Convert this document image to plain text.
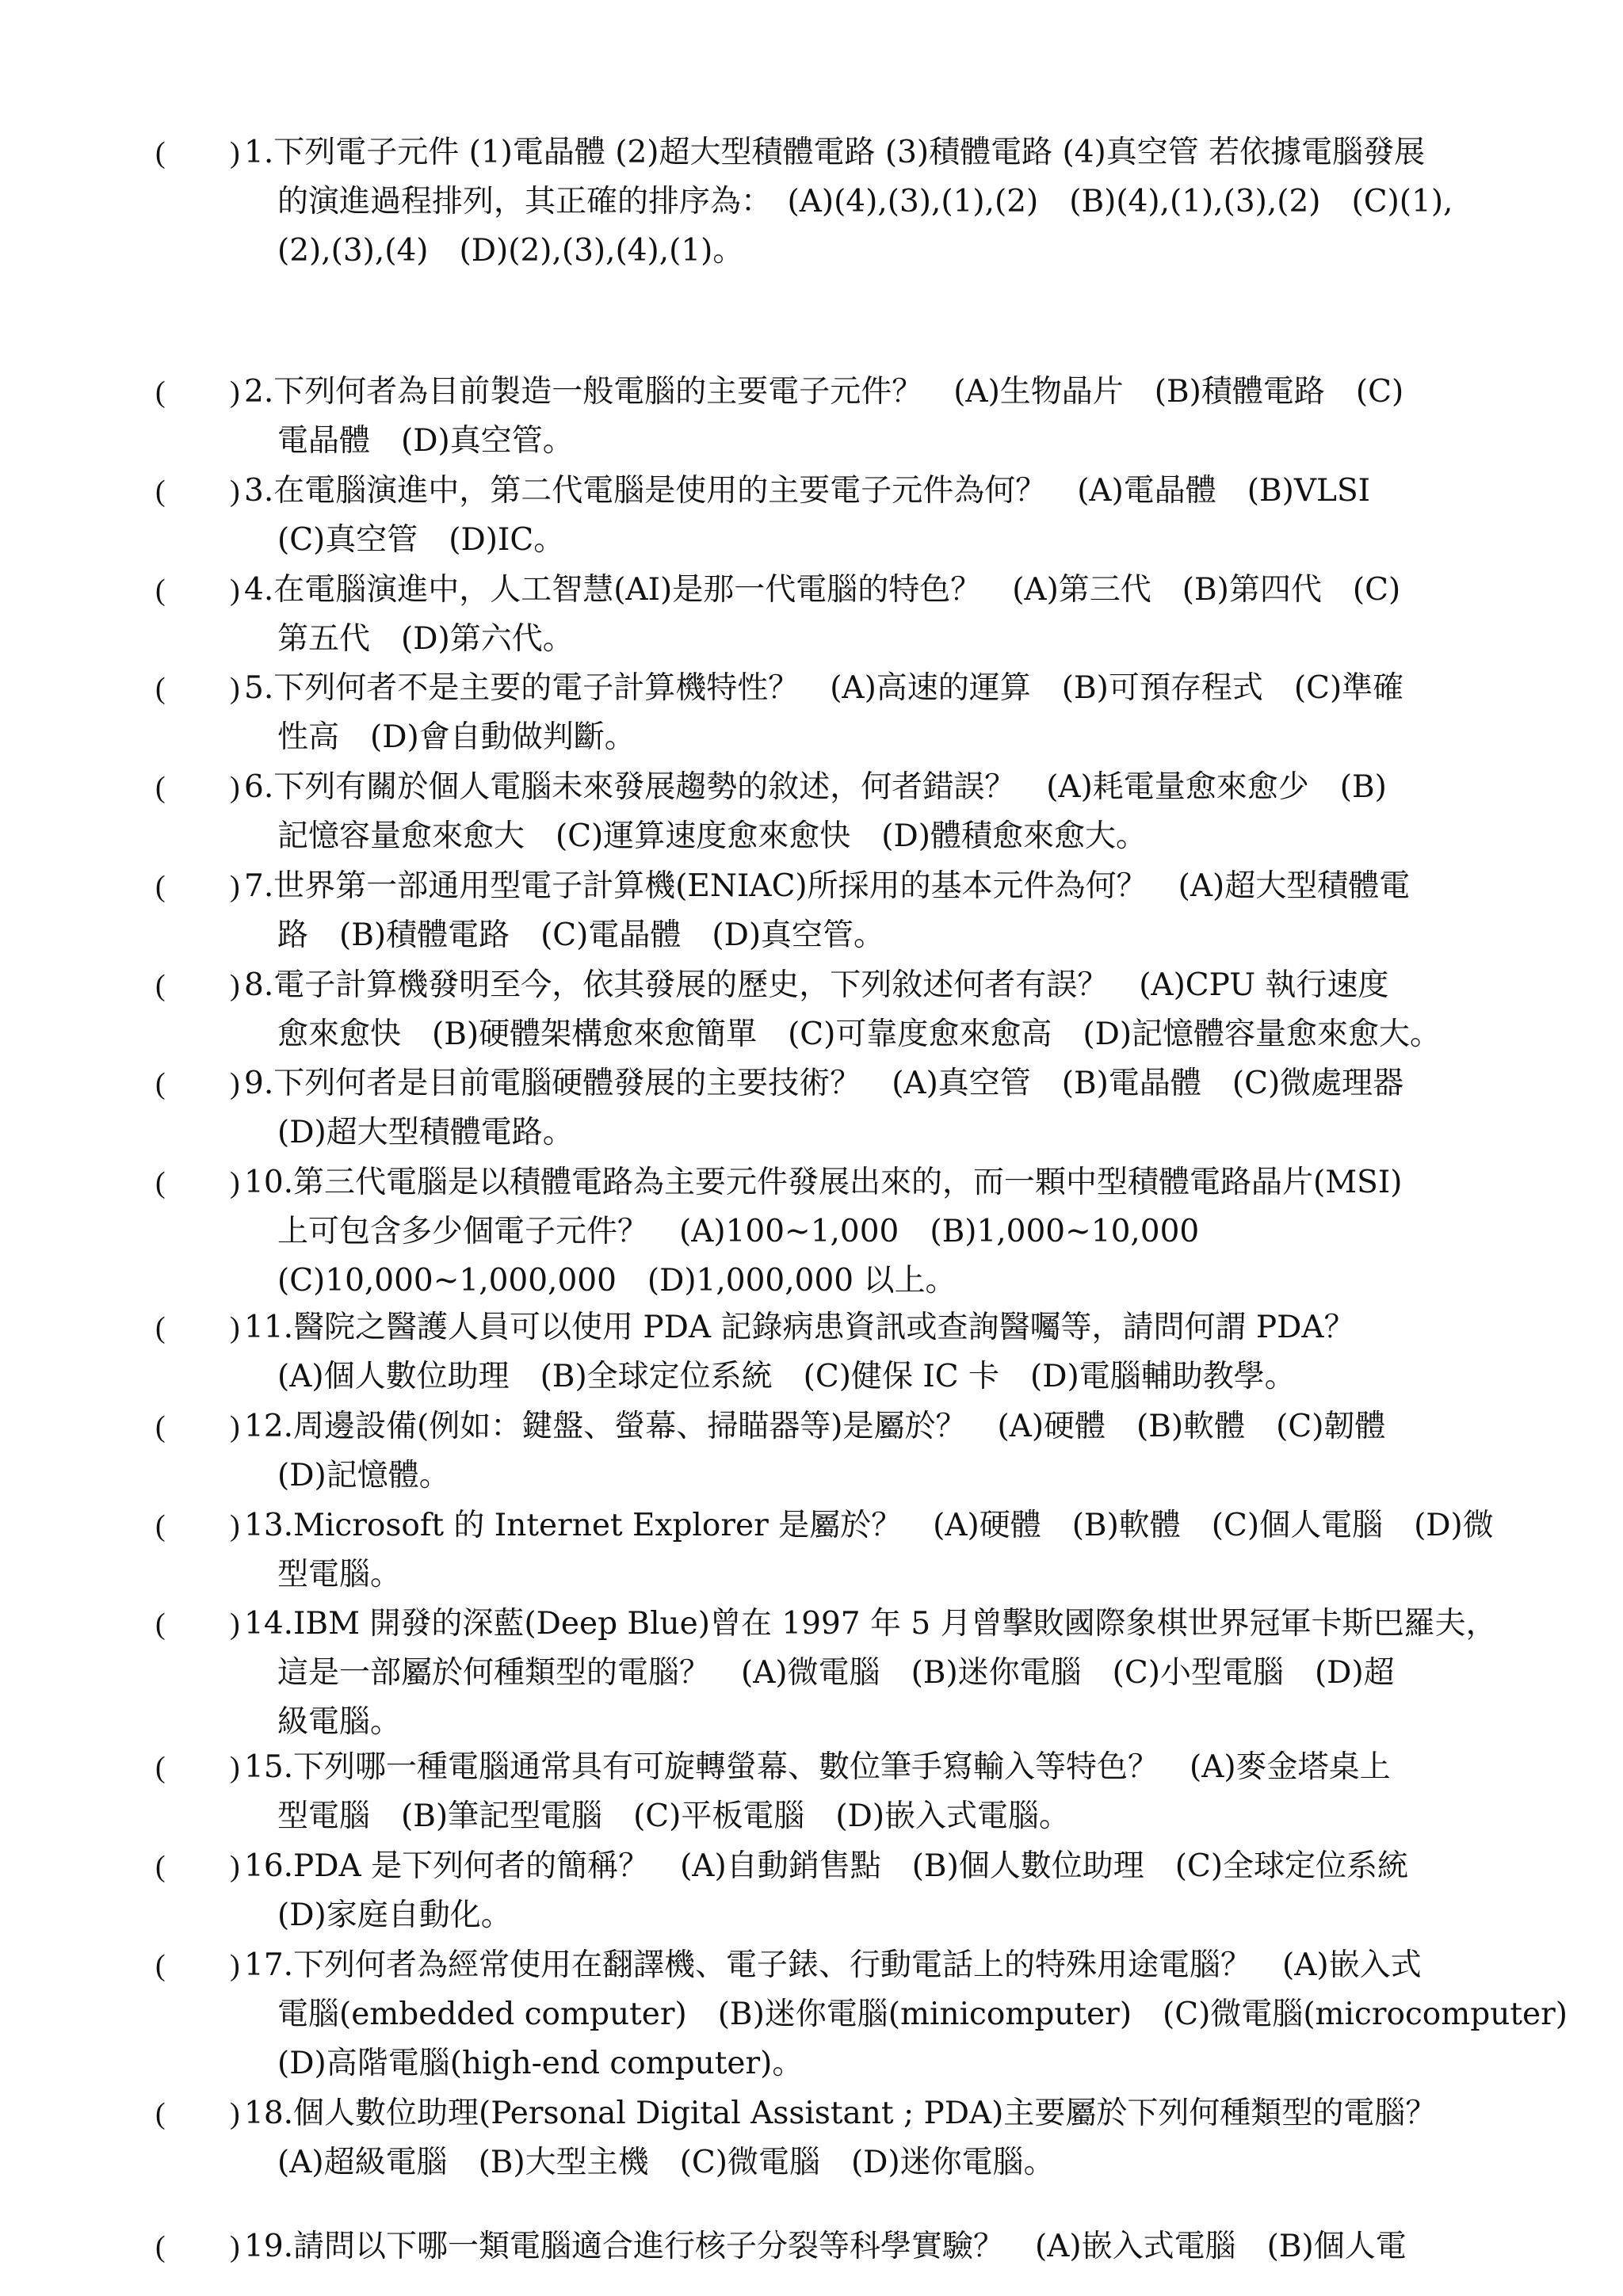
( ) 1.下列電子元件 (1)電晶體 (2)超大型積體電路 (3)積體電路 (4)真空管 若依據電腦發展
的演進過程排列，其正確的排序為：　(A)(4),(3),(1),(2)　(B)(4),(1),(3),(2)　(C)(1),
(2),(3),(4)　(D)(2),(3),(4),(1)。
( ) 2.下列何者為目前製造一般電腦的主要電子元件？　(A)生物晶片　(B)積體電路　(C)
電晶體　(D)真空管。
( ) 3.在電腦演進中，第二代電腦是使用的主要電子元件為何？　(A)電晶體　(B)VLSI
(C)真空管　(D)IC。
( ) 4.在電腦演進中，人工智慧(AI)是那一代電腦的特色？　(A)第三代　(B)第四代　(C)
第五代　(D)第六代。
( ) 5.下列何者不是主要的電子計算機特性？　(A)高速的運算　(B)可預存程式　(C)準確
性高　(D)會自動做判斷。
( ) 6.下列有關於個人電腦未來發展趨勢的敘述，何者錯誤？　(A)耗電量愈來愈少　(B)
記憶容量愈來愈大　(C)運算速度愈來愈快　(D)體積愈來愈大。
( ) 7.世界第一部通用型電子計算機(ENIAC)所採用的基本元件為何？　(A)超大型積體電
路　(B)積體電路　(C)電晶體　(D)真空管。
( ) 8.電子計算機發明至今，依其發展的歷史，下列敘述何者有誤？　(A)CPU 執行速度
愈來愈快　(B)硬體架構愈來愈簡單　(C)可靠度愈來愈高　(D)記憶體容量愈來愈大。
( ) 9.下列何者是目前電腦硬體發展的主要技術？　(A)真空管　(B)電晶體　(C)微處理器
(D)超大型積體電路。
( ) 10.第三代電腦是以積體電路為主要元件發展出來的，而一顆中型積體電路晶片(MSI)
上可包含多少個電子元件？　(A)100~1,000　(B)1,000~10,000
(C)10,000~1,000,000　(D)1,000,000 以上。
( ) 11.醫院之醫護人員可以使用 PDA 記錄病患資訊或查詢醫囑等，請問何謂 PDA？
(A)個人數位助理　(B)全球定位系統　(C)健保 IC 卡　(D)電腦輔助教學。
( ) 12.周邊設備(例如：鍵盤、螢幕、掃瞄器等)是屬於？　(A)硬體　(B)軟體　(C)韌體
(D)記憶體。
( ) 13.Microsoft 的 Internet Explorer 是屬於？　(A)硬體　(B)軟體　(C)個人電腦　(D)微
型電腦。
( ) 14.IBM 開發的深藍(Deep Blue)曾在 1997 年 5 月曾擊敗國際象棋世界冠軍卡斯巴羅夫，
這是一部屬於何種類型的電腦？　(A)微電腦　(B)迷你電腦　(C)小型電腦　(D)超
級電腦。
( ) 15.下列哪一種電腦通常具有可旋轉螢幕、數位筆手寫輸入等特色？　(A)麥金塔桌上
型電腦　(B)筆記型電腦　(C)平板電腦　(D)嵌入式電腦。
( ) 16.PDA 是下列何者的簡稱？　(A)自動銷售點　(B)個人數位助理　(C)全球定位系統
(D)家庭自動化。
( ) 17.下列何者為經常使用在翻譯機、電子錶、行動電話上的特殊用途電腦？　(A)嵌入式
電腦(embedded computer)　(B)迷你電腦(minicomputer)　(C)微電腦(microcomputer)
(D)高階電腦(high-end computer)。
( ) 18.個人數位助理(Personal Digital Assistant ; PDA)主要屬於下列何種類型的電腦？
(A)超級電腦　(B)大型主機　(C)微電腦　(D)迷你電腦。
( ) 19.請問以下哪一類電腦適合進行核子分裂等科學實驗？　(A)嵌入式電腦　(B)個人電
